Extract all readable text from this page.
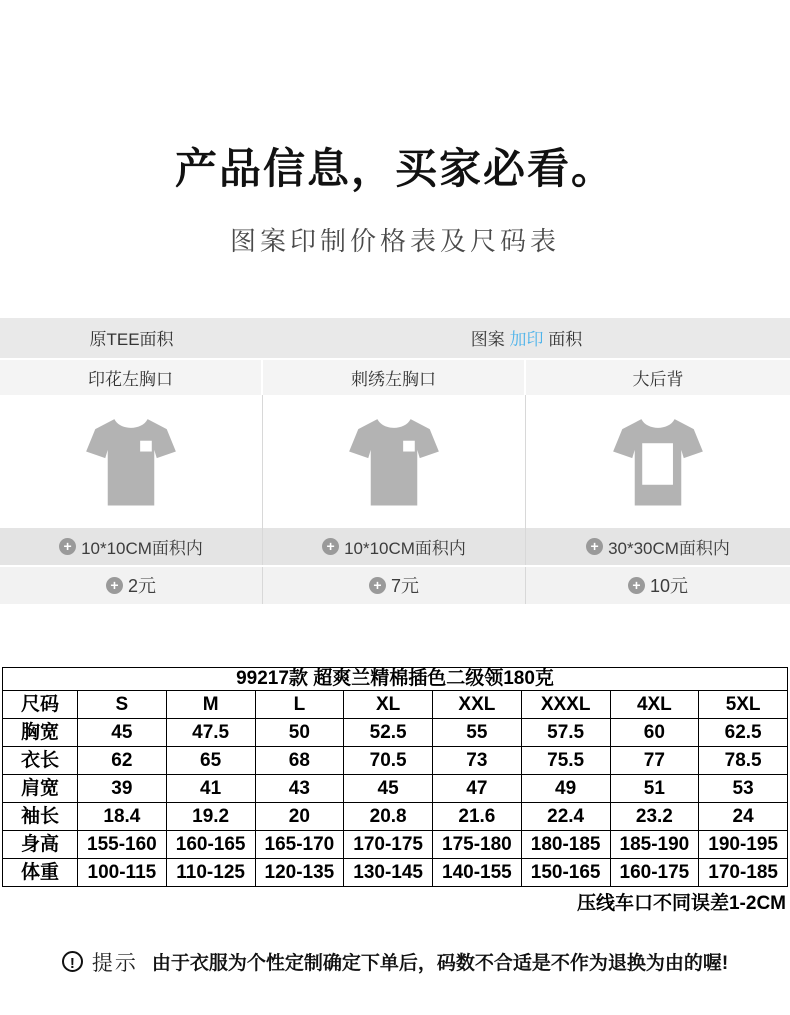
产品信息，买家必看。
图案印制价格表及尺码表
原TEE面积	图案 加印 面积
印花左胸口	刺绣左胸口	大后背
+ 10*10CM面积内	+ 10*10CM面积内	+ 30*30CM面积内
+ 2元	+ 7元	+ 10元
99217款 超爽兰精棉插色二级领180克								
尺码	S	M	L	XL	XXL	XXXL	4XL	5XL
胸宽	45	47.5	50	52.5	55	57.5	60	62.5
衣长	62	65	68	70.5	73	75.5	77	78.5
肩宽	39	41	43	45	47	49	51	53
袖长	18.4	19.2	20	20.8	21.6	22.4	23.2	24
身高	155-160	160-165	165-170	170-175	175-180	180-185	185-190	190-195
体重	100-115	110-125	120-135	130-145	140-155	150-165	160-175	170-185
压线车口不同误差1-2CM
! 提示 由于衣服为个性定制确定下单后，码数不合适是不作为退换为由的喔!
